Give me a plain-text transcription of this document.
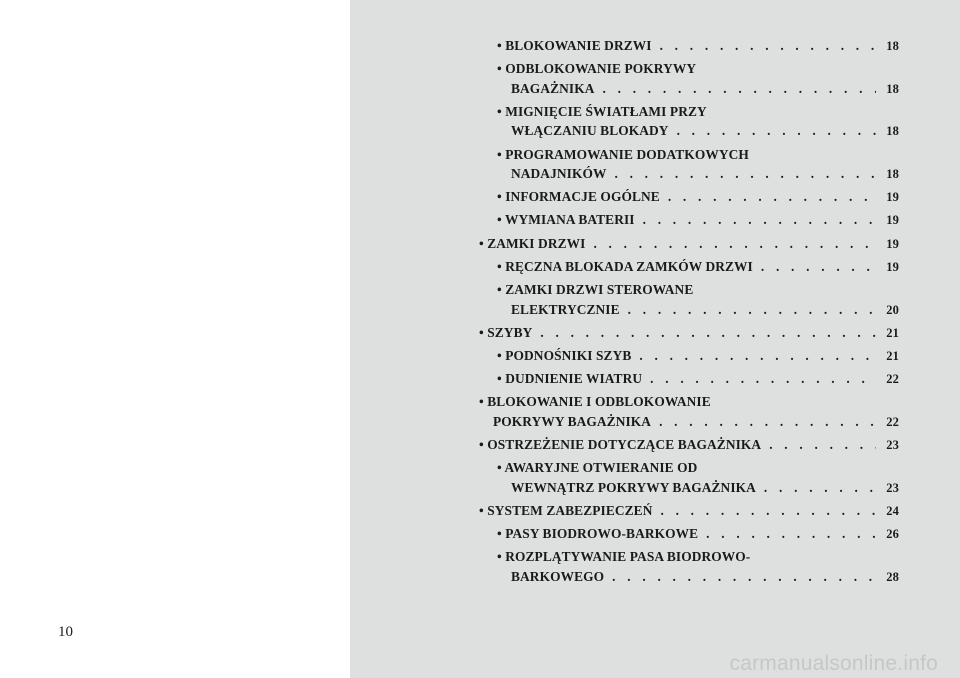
10
carmanualsonline.info
• BLOKOWANIE DRZWI . . .	18
• ODBLOKOWANIE POKRYWY
BAGAŻNIKA . . .	18
• MIGNIĘCIE ŚWIATŁAMI PRZY
WŁĄCZANIU BLOKADY . . .	18
• PROGRAMOWANIE DODATKOWYCH
NADAJNIKÓW . . .	18
• INFORMACJE OGÓLNE . . .	19
• WYMIANA BATERII . . .	19
• ZAMKI DRZWI . . .	19
• RĘCZNA BLOKADA ZAMKÓW DRZWI . . .	19
• ZAMKI DRZWI STEROWANE
ELEKTRYCZNIE . . .	20
• SZYBY . . .	21
• PODNOŚNIKI SZYB . . .	21
• DUDNIENIE WIATRU . . .	22
• BLOKOWANIE I ODBLOKOWANIE
POKRYWY BAGAŻNIKA . . .	22
• OSTRZEŻENIE DOTYCZĄCE BAGAŻNIKA . . .	23
• AWARYJNE OTWIERANIE OD
WEWNĄTRZ POKRYWY BAGAŻNIKA . . .	23
• SYSTEM ZABEZPIECZEŃ . . .	24
• PASY BIODROWO-BARKOWE . . .	26
• ROZPLĄTYWANIE PASA BIODROWO-
BARKOWEGO . . .	28
